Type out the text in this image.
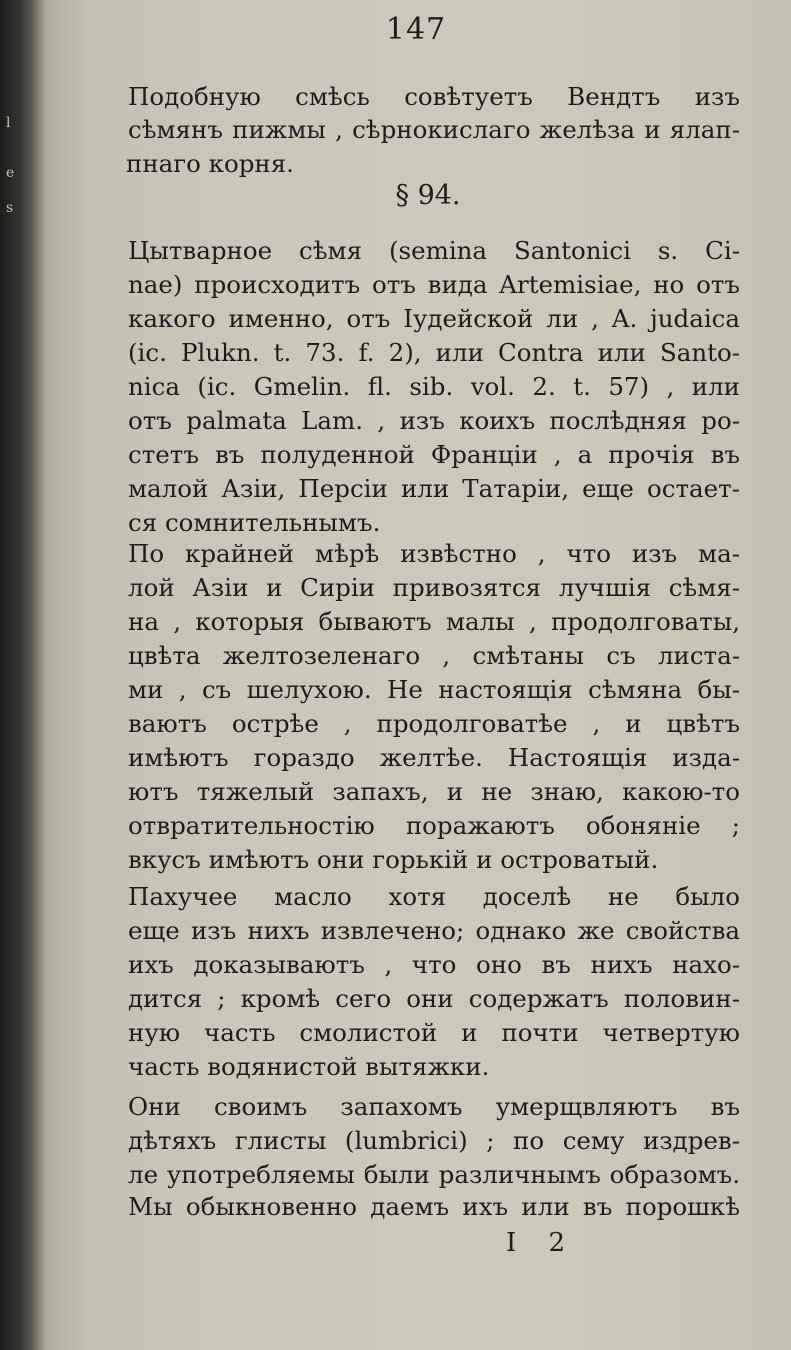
l
e
s
147
Подобную смѣсь совѣтуетъ Вендтъ изъ
сѣмянъ пижмы , сѣрнокислаго желѣза и ялап-
пнаго корня.
§ 94.
Цытварное сѣмя (semina Santonici s. Ci-
nae) происходитъ отъ вида Artemisiae, но отъ
какого именно, отъ Іудейской ли , A. judaica
(ic. Plukn. t. 73. f. 2), или Contra или Santo-
nica (ic. Gmelin. fl. sib. vol. 2. t. 57) , или
отъ palmata Lam. , изъ коихъ послѣдняя ро-
стетъ въ полуденной Франціи , а прочія въ
малой Азіи, Персіи или Татаріи, еще остает-
ся сомнительнымъ.
По крайней мѣрѣ извѣстно , что изъ ма-
лой Азіи и Сиріи привозятся лучшія сѣмя-
на , которыя бываютъ малы , продолговаты,
цвѣта желтозеленаго , смѣтаны съ листа-
ми , съ шелухою. Не настоящія сѣмяна бы-
ваютъ острѣе , продолговатѣе , и цвѣтъ
имѣютъ гораздо желтѣе. Настоящія изда-
ютъ тяжелый запахъ, и не знаю, какою-то
отвратительностію поражаютъ обоняніе ;
вкусъ имѣютъ они горькій и островатый.
Пахучее масло хотя доселѣ не было
еще изъ нихъ извлечено; однако же свойства
ихъ доказываютъ , что оно въ нихъ нахо-
дится ; кромѣ сего они содержатъ половин-
ную часть смолистой и почти четвертую
часть водянистой вытяжки.
Они своимъ запахомъ умерщвляютъ въ
дѣтяхъ глисты (lumbrici) ; по сему издрев-
ле употребляемы были различнымъ образомъ.
Мы обыкновенно даемъ ихъ или въ порошкѣ
I 2
